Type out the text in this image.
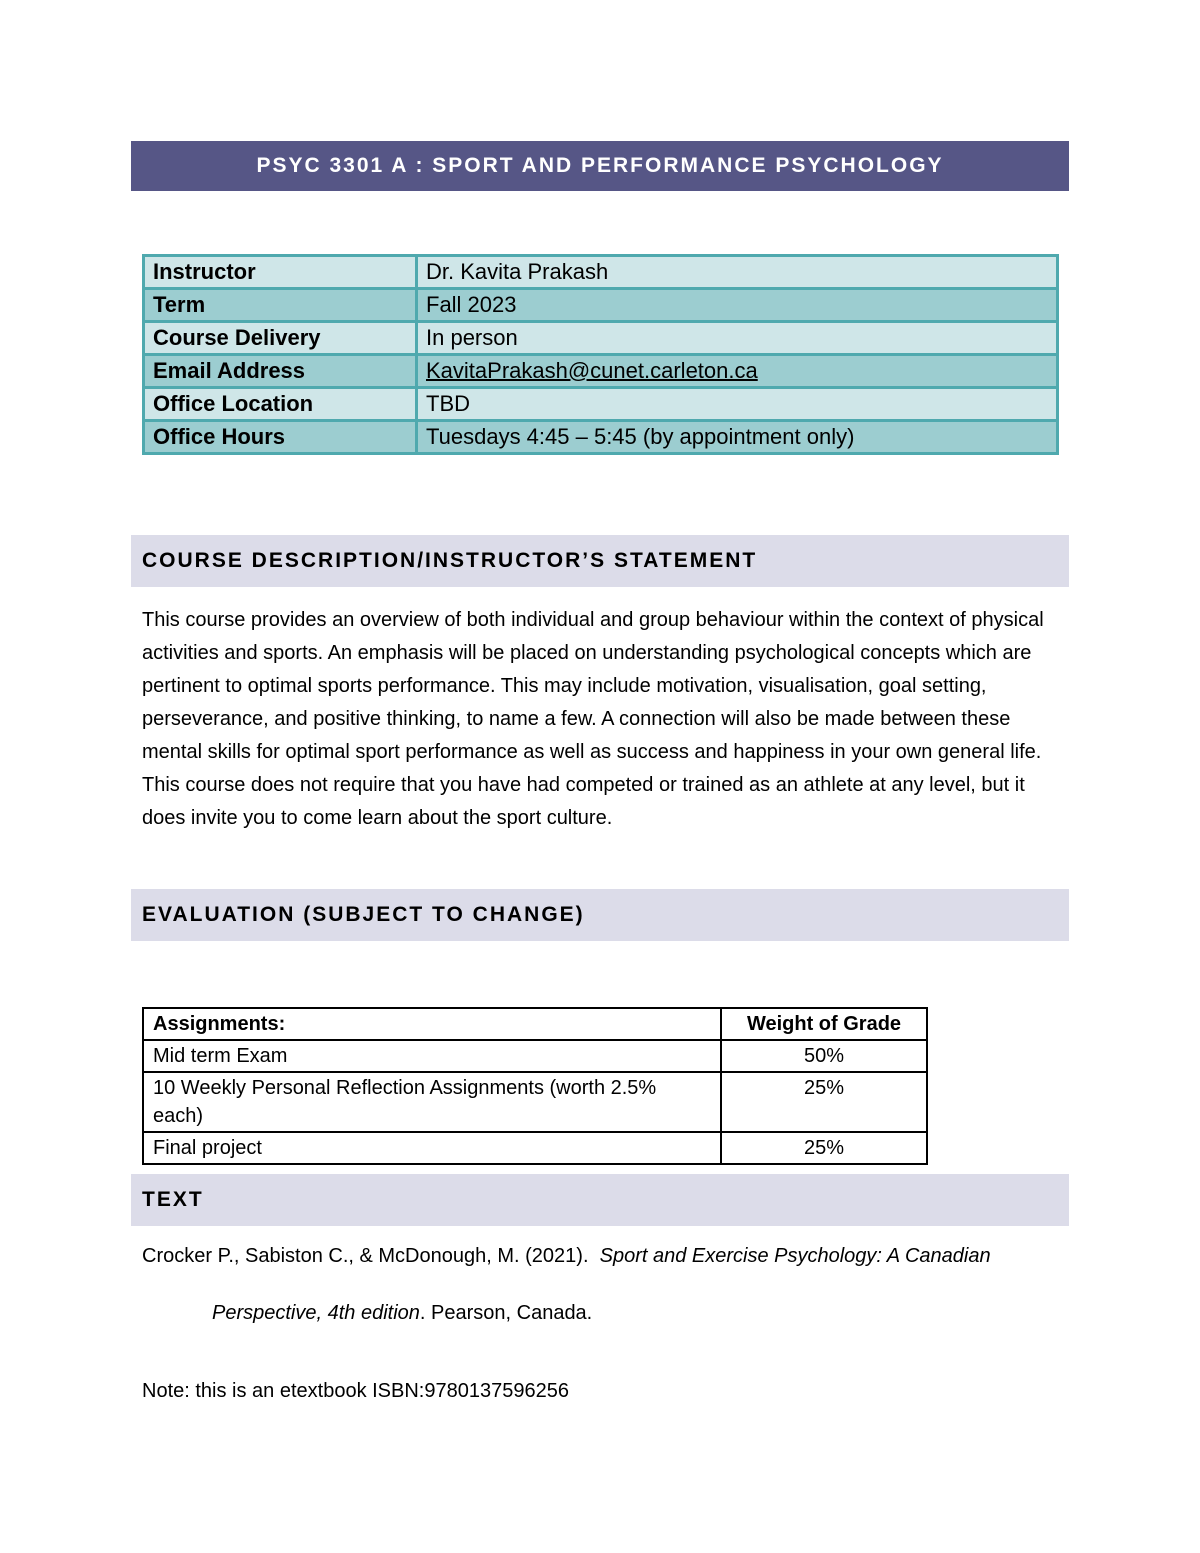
PSYC 3301 A : SPORT AND PERFORMANCE PSYCHOLOGY
Instructor	Dr. Kavita Prakash
Term	Fall 2023
Course Delivery	In person
Email Address	KavitaPrakash@cunet.carleton.ca
Office Location	TBD
Office Hours	Tuesdays 4:45 – 5:45 (by appointment only)
COURSE DESCRIPTION/INSTRUCTOR’S STATEMENT

This course provides an overview of both individual and group behaviour within the context of physical activities and sports. An emphasis will be placed on understanding psychological concepts which are pertinent to optimal sports performance. This may include motivation, visualisation, goal setting, perseverance, and positive thinking, to name a few. A connection will also be made between these mental skills for optimal sport performance as well as success and happiness in your own general life. This course does not require that you have had competed or trained as an athlete at any level, but it does invite you to come learn about the sport culture.

EVALUATION (SUBJECT TO CHANGE)
Assignments:	Weight of Grade
Mid term Exam	50%
10 Weekly Personal Reflection Assignments (worth 2.5% each)	25%
Final project	25%
TEXT
Crocker P., Sabiston C., & McDonough, M. (2021). Sport and Exercise Psychology: A Canadian
Perspective, 4th edition. Pearson, Canada.
Note: this is an etextbook ISBN:9780137596256
